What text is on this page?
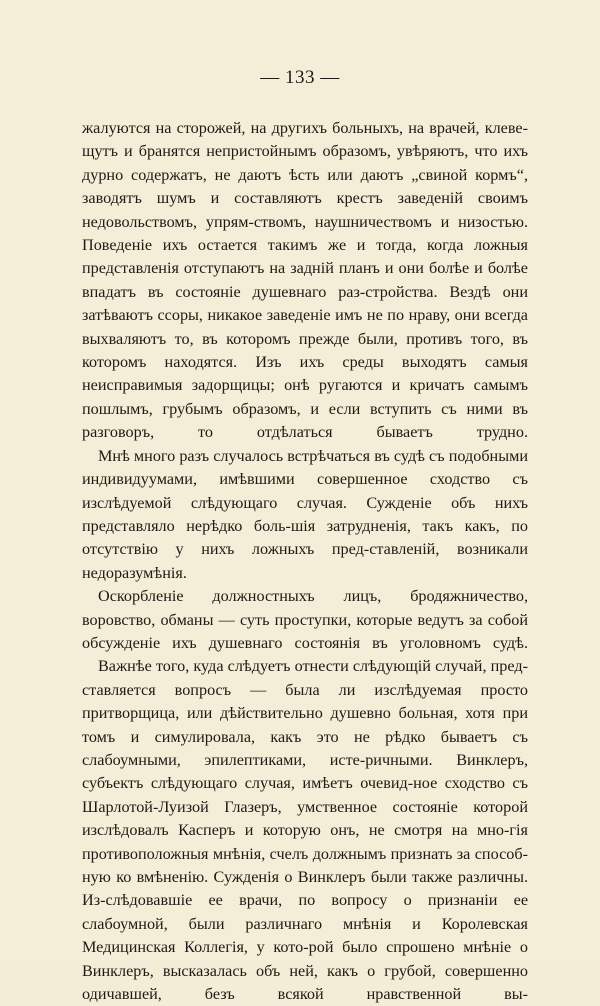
— 133 —

жалуются на сторожей, на другихъ больныхъ, на врачей, клеве-щутъ и бранятся непристойнымъ образомъ, увѣряютъ, что ихъ дурно содержатъ, не даютъ ѣсть или даютъ „свиной кормъ“, заводятъ шумъ и составляютъ крестъ заведеній своимъ недовольствомъ, упрям-ствомъ, наушничествомъ и низостью. Поведеніе ихъ остается такимъ же и тогда, когда ложныя представленія отступаютъ на задній планъ и они болѣе и болѣе впадатъ въ состояніе душевнаго раз-стройства. Вездѣ они затѣваютъ ссоры, никакое заведеніе имъ не по нраву, они всегда выхваляютъ то, въ которомъ прежде были, противъ того, въ которомъ находятся. Изъ ихъ среды выходятъ самыя неисправимыя задорщицы; онѣ ругаются и кричатъ самымъ пошлымъ, грубымъ образомъ, и если вступить съ ними въ разговоръ, то отдѣлаться бываетъ трудно.

Мнѣ много разъ случалось встрѣчаться въ судѣ съ подобными индивидуумами, имѣвшими совершенное сходство съ изслѣдуемой слѣдующаго случая. Сужденіе объ нихъ представляло нерѣдко боль-шія затрудненія, такъ какъ, по отсутствію у нихъ ложныхъ пред-ставленій, возникали недоразумѣнія.

Оскорбленіе должностныхъ лицъ, бродяжничество, воровство, обманы — суть проступки, которые ведутъ за собой обсужденіе ихъ душевнаго состоянія въ уголовномъ судѣ.

Важнѣе того, куда слѣдуетъ отнести слѣдующій случай, пред-ставляется вопросъ — была ли изслѣдуемая просто притворщица, или дѣйствительно душевно больная, хотя при томъ и симулировала, какъ это не рѣдко бываетъ съ слабоумными, эпилептиками, исте-ричными. Винклеръ, субъектъ слѣдующаго случая, имѣетъ очевид-ное сходство съ Шарлотой-Луизой Глазеръ, умственное состояніе которой изслѣдовалъ Касперъ и которую онъ, не смотря на мно-гія противоположныя мнѣнія, счелъ должнымъ признать за способ-ную ко вмѣненію. Сужденія о Винклеръ были также различны. Из-слѣдовавшіе ее врачи, по вопросу о признаніи ее слабоумной, были различнаго мнѣнія и Королевская Медицинская Коллегія, у кото-рой было спрошено мнѣніе о Винклеръ, высказалась объ ней, какъ о грубой, совершенно одичавшей, безъ всякой нравственной вы-
